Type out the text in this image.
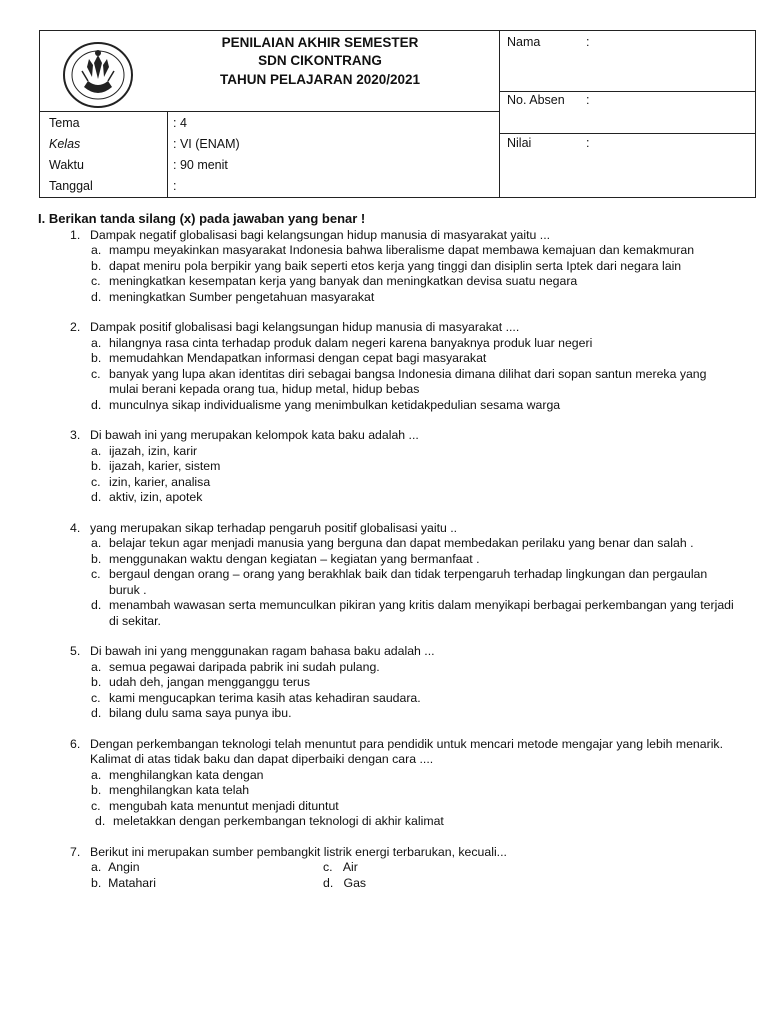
PENILAIAN AKHIR SEMESTER
SDN CIKONTRANG
TAHUN PELAJARAN 2020/2021
Tema	: 4
Kelas	: VI (ENAM)
Waktu	: 90 menit
Tanggal	:
Nama	:
No. Absen :
Nilai	:
I. Berikan tanda silang (x) pada jawaban yang benar !
1. Dampak negatif globalisasi bagi kelangsungan hidup manusia di masyarakat yaitu ...
a. mampu meyakinkan masyarakat Indonesia bahwa liberalisme dapat membawa kemajuan dan kemakmuran
b. dapat meniru pola berpikir yang baik seperti etos kerja yang tinggi dan disiplin serta Iptek dari negara lain
c. meningkatkan kesempatan kerja yang banyak dan meningkatkan devisa suatu negara
d. meningkatkan Sumber pengetahuan masyarakat
2. Dampak positif globalisasi bagi kelangsungan hidup manusia di masyarakat ....
a. hilangnya rasa cinta terhadap produk dalam negeri karena banyaknya produk luar negeri
b. memudahkan Mendapatkan informasi dengan cepat bagi masyarakat
c. banyak yang lupa akan identitas diri sebagai bangsa Indonesia dimana dilihat dari sopan santun mereka yang mulai berani kepada orang tua, hidup metal, hidup bebas
d. munculnya sikap individualisme yang menimbulkan ketidakpedulian sesama warga
3. Di bawah ini yang merupakan kelompok kata baku adalah ...
a. ijazah, izin, karir
b. ijazah, karier, sistem
c. izin, karier, analisa
d. aktiv, izin, apotek
4. yang merupakan sikap terhadap pengaruh positif globalisasi yaitu ..
a. belajar tekun agar menjadi manusia yang berguna dan dapat membedakan perilaku yang benar dan salah .
b. menggunakan waktu dengan kegiatan – kegiatan yang bermanfaat .
c. bergaul dengan orang – orang yang berakhlak baik dan tidak terpengaruh terhadap lingkungan dan pergaulan buruk .
d. menambah wawasan serta memunculkan pikiran yang kritis dalam menyikapi berbagai perkembangan yang terjadi di sekitar.
5. Di bawah ini yang menggunakan ragam bahasa baku adalah ...
a. semua pegawai daripada pabrik ini sudah pulang.
b. udah deh, jangan mengganggu terus
c. kami mengucapkan terima kasih atas kehadiran saudara.
d. bilang dulu sama saya punya ibu.
6. Dengan perkembangan teknologi telah menuntut para pendidik untuk mencari metode mengajar yang lebih menarik. Kalimat di atas tidak baku dan dapat diperbaiki dengan cara ....
a. menghilangkan kata dengan
b. menghilangkan kata telah
c. mengubah kata menuntut menjadi dituntut
d. meletakkan dengan perkembangan teknologi di akhir kalimat
7. Berikut ini merupakan sumber pembangkit listrik energi terbarukan, kecuali...
a. Angin
b. Matahari
c. Air
d. Gas
